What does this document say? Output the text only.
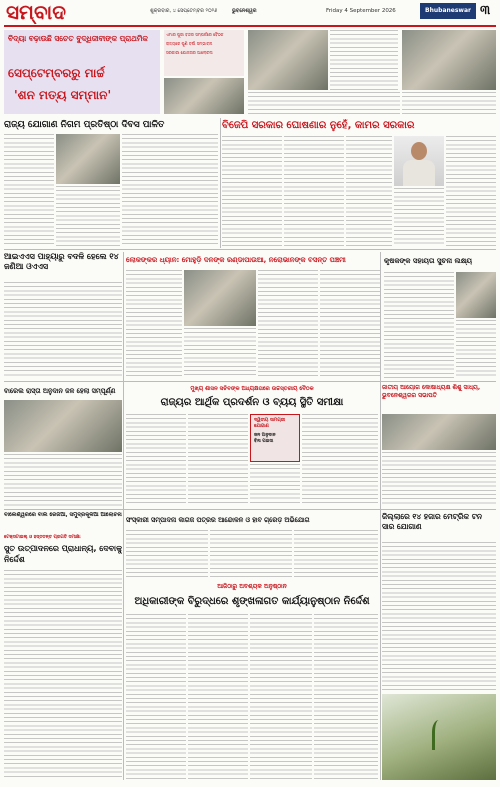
ସମ୍ବାଦ	ଶୁକ୍ରବାର, ୪ ସେପ୍ଟେମ୍ବର ୨୦୨୬	ଭୁବନେଶ୍ୱର	Friday 4 September 2026	Bhubaneswar ୩
ବିଦ୍ୟା ବଢ଼ାଉଛି ସଚେତ ବୁଦ୍ଧିଜୀବୀଙ୍କ ପ୍ରାଥମିକ
ସେପ୍ଟେମ୍ବରରୁ ମାର୍ଚ୍ଚ
'ଶନ ମତ୍ୟ ସମ୍ମାନ'
ଏମାର ପୁରୀ ବନ୍ଦର ସମ୍ପର୍କରେ ବୈଠକ
ରାଜ୍ୟରେ ପୁଣି ବର୍ଷା ସମ୍ଭାବନା
ସରକାରୀ ଯୋଜନାର ଆଲୋଚନା
ରାଜ୍ୟ ଯୋଗାଣ ନିଗମ ପ୍ରତିଷ୍ଠା ଦିବସ ପାଳିତ	ବିଜେପି ସରକାର ଘୋଷଣାର ନୁହେଁ, କାମର ସରକାର
ଆଇଏଏସ ପାହ୍ୟାରୁ ବଦଳି ହେଲେ ୧୪ ଜଣିଆ ଓଏଏସ
ଲୋକଙ୍କର ଧ୍ୟାନ: ମୋହୁଡ଼ି ଦନଙ୍କ ରଣ୍ଡାପାଉଆ, ନରୋଭାନଙ୍କ ବସନ୍ତ ପଞ୍ଚମୀ	କୃଷକଙ୍କ ସହାୟତା ସୁଚନା ଲକ୍ଷ୍ୟ
ବାରେଲ ରାସ୍ତା ଅନୁଦାନ ଜଳ ହେଲା ସମ୍ପୂର୍ଣ୍ଣ	ମୁଖ୍ୟ ଶାସନ ସଚିବଙ୍କ ଅଧ୍ୟକ୍ଷତାରେ ଉଚ୍ଚସ୍ତରୀୟ ବୈଠକ
ରାଜ୍ୟର ଆର୍ଥିକ ପ୍ରଦର୍ଶନ ଓ ବ୍ୟୟ ସ୍ଥିତି ସମୀକ୍ଷା
ଦ୍ୱିତୀୟ ସାମଗ୍ରୀ ଯୋଗାଣ
ଜନ ଅନୁଦାନ
ବିନା ପଇସା
ଜାତୀୟ ଆୟୋଗ କୋଷାଧ୍ୟକ୍ଷ ଶିଶୁ ସାଧ୍ୟ, ଭୁବନେଶ୍ୱରର ସଭାପତି
ବାଲେଶ୍ୱରରେ ବାଲି ରେଜିଆଁ, ସମୁଦ୍ରକୂଳିଆ ଆଲୋଚନା
ଟେକ୍ସଟାଇଲ୍ ଓ ହସ୍ତତନ୍ତ ପ୍ରଗତି ସମୀକ୍ଷା
ସୁତ ଉତ୍ପାଦନରେ ପ୍ରାଧାନ୍ୟ, ଦେବାକୁ ନିର୍ଦ୍ଦେଶ
ସଂସ୍କାରୀ ସମ୍ପାଦନା କାଗଜ ପତ୍ରର ଆନ୍ଦୋଳନ ଓ ହାବ ଗ୍ରେଡ଼ ଅଭିଯୋଗ
ଆଜିଠାରୁ ଅବଶ୍ୟକ ଅନୁଷ୍ଠାନ
ଅଧିକାରୀଙ୍କ ବିରୁଦ୍ଧରେ ଶୃଙ୍ଖଳାଗତ କାର୍ଯ୍ୟାନୁଷ୍ଠାନ ନିର୍ଦ୍ଦେଶ
ଜିଲ୍ଲାରେ ୧୪ ହଜାର ମେଟ୍ରିକ ଟନ ସାର ଯୋଗାଣ
